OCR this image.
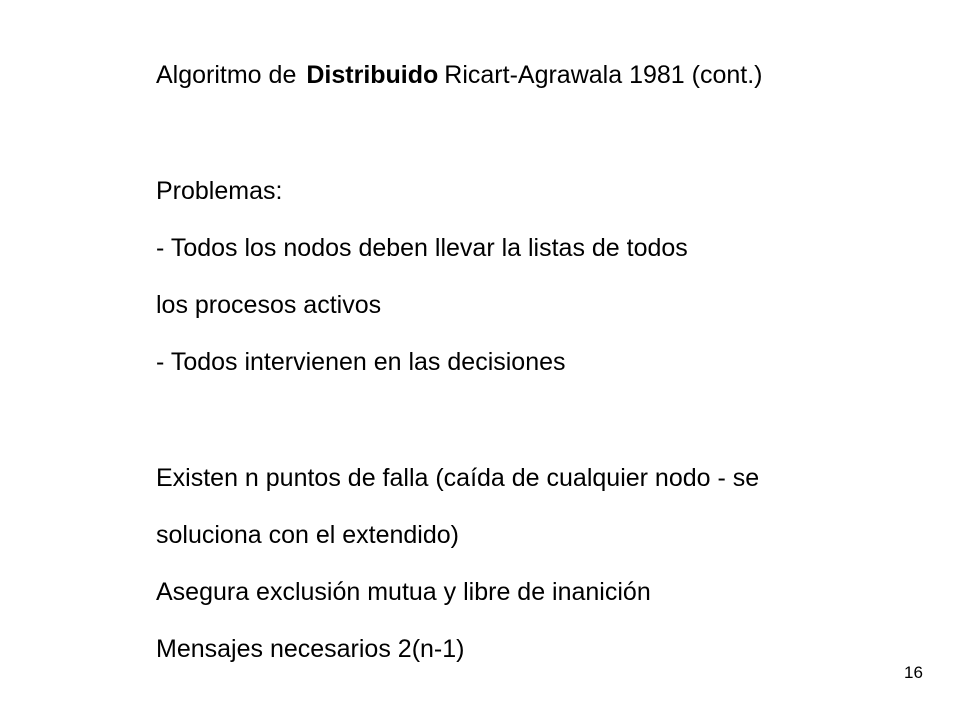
Algoritmo de Distribuido Ricart-Agrawala 1981 (cont.)
Problemas:
- Todos los nodos deben llevar la listas de todos
los procesos activos
- Todos intervienen en las decisiones
Existen n puntos de falla (caída de cualquier nodo - se
soluciona con el extendido)
Asegura exclusión mutua y libre de inanición
Mensajes necesarios 2(n-1)
16
